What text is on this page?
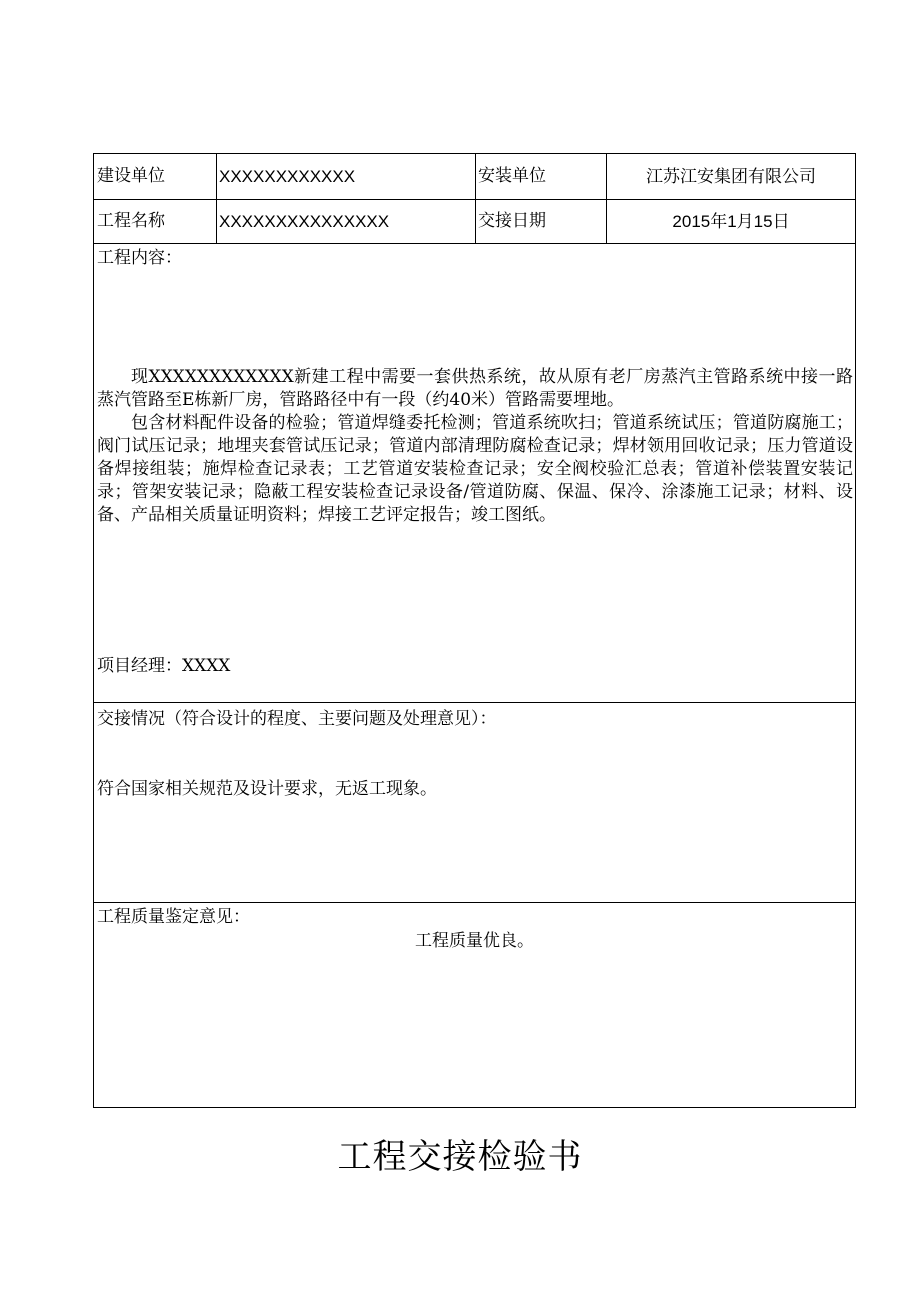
建设单位	XXXXXXXXXXXX	安装单位	江苏江安集团有限公司
工程名称	XXXXXXXXXXXXXXX	交接日期	2015年1月15日
工程内容：

现XXXXXXXXXXXX新建工程中需要一套供热系统，故从原有老厂房蒸汽主管路系统中接一路蒸汽管路至E栋新厂房，管路路径中有一段（约40米）管路需要埋地。

包含材料配件设备的检验；管道焊缝委托检测；管道系统吹扫；管道系统试压；管道防腐施工；阀门试压记录；地埋夹套管试压记录；管道内部清理防腐检查记录；焊材领用回收记录；压力管道设备焊接组装；施焊检查记录表；工艺管道安装检查记录；安全阀校验汇总表；管道补偿装置安装记录；管架安装记录；隐蔽工程安装检查记录设备/管道防腐、保温、保冷、涂漆施工记录；材料、设备、产品相关质量证明资料；焊接工艺评定报告；竣工图纸。

项目经理：XXXX
交接情况（符合设计的程度、主要问题及处理意见）：
符合国家相关规范及设计要求，无返工现象。
工程质量鉴定意见：
工程质量优良。
工程交接检验书
